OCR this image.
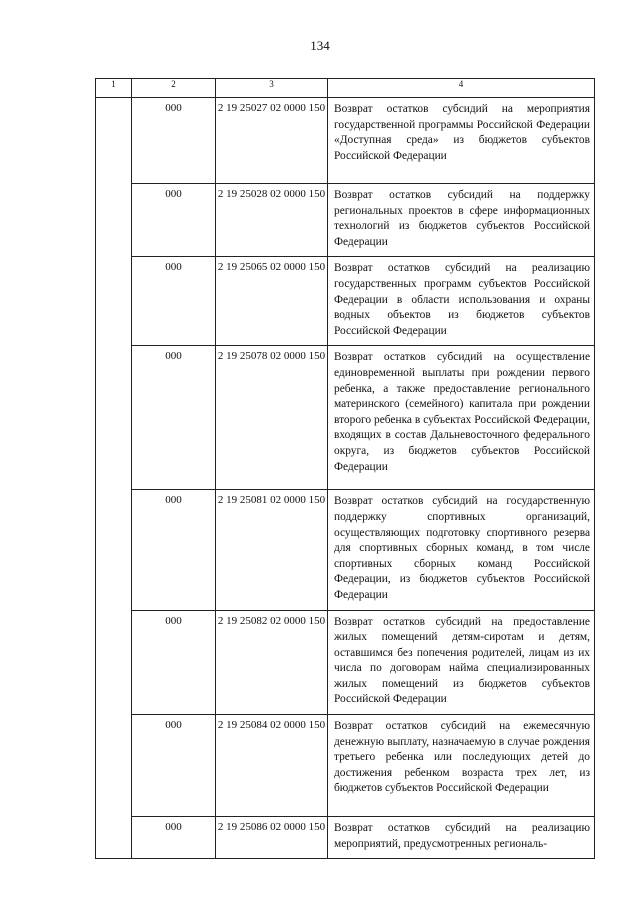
134
1	2	3	4
	000	2 19 25027 02 0000 150	Возврат остатков субсидий на мероприятия государственной программы Российской Федерации «Доступная среда» из бюджетов субъектов Российской Федерации
	000	2 19 25028 02 0000 150	Возврат остатков субсидий на поддержку региональных проектов в сфере информационных технологий из бюджетов субъектов Российской Федерации
	000	2 19 25065 02 0000 150	Возврат остатков субсидий на реализацию государственных программ субъектов Российской Федерации в области использования и охраны водных объектов из бюджетов субъектов Российской Федерации
	000	2 19 25078 02 0000 150	Возврат остатков субсидий на осуществление единовременной выплаты при рождении первого ребенка, а также предоставление регионального материнского (семейного) капитала при рождении второго ребенка в субъектах Российской Федерации, входящих в состав Дальневосточного федерального округа, из бюджетов субъектов Российской Федерации
	000	2 19 25081 02 0000 150	Возврат остатков субсидий на государственную поддержку спортивных организаций, осуществляющих подготовку спортивного резерва для спортивных сборных команд, в том числе спортивных сборных команд Российской Федерации, из бюджетов субъектов Российской Федерации
	000	2 19 25082 02 0000 150	Возврат остатков субсидий на предоставление жилых помещений детям-сиротам и детям, оставшимся без попечения родителей, лицам из их числа по договорам найма специализированных жилых помещений из бюджетов субъектов Российской Федерации
	000	2 19 25084 02 0000 150	Возврат остатков субсидий на ежемесячную денежную выплату, назначаемую в случае рождения третьего ребенка или последующих детей до достижения ребенком возраста трех лет, из бюджетов субъектов Российской Федерации
	000	2 19 25086 02 0000 150	Возврат остатков субсидий на реализацию мероприятий, предусмотренных региональ-
